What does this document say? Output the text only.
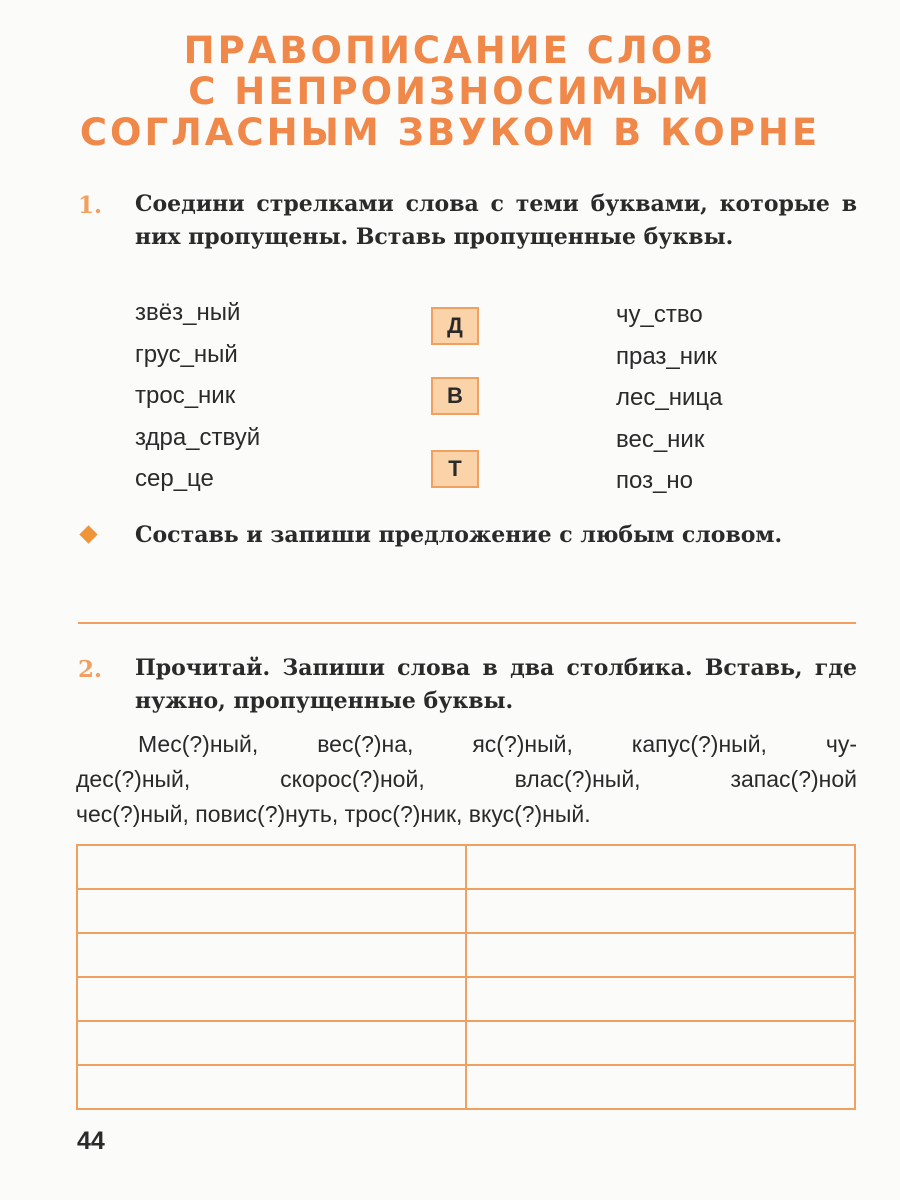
ПРАВОПИСАНИЕ СЛОВ
С НЕПРОИЗНОСИМЫМ
СОГЛАСНЫМ ЗВУКОМ В КОРНЕ
1. Соедини стрелками слова с теми буквами, которые в них пропущены. Вставь пропущенные буквы.
звёз_ный
грус_ный
трос_ник
здра_ствуй
сер_це
Д
В
Т
чу_ство
праз_ник
лес_ница
вес_ник
поз_но
Составь и запиши предложение с любым словом.
2. Прочитай. Запиши слова в два столбика. Вставь, где нужно, пропущенные буквы.
Мес(?)ный, вес(?)на, яс(?)ный, капус(?)ный, чу-
дес(?)ный, скорос(?)ной, влас(?)ный, запас(?)ной
чес(?)ный, повис(?)нуть, трос(?)ник, вкус(?)ный.

44
